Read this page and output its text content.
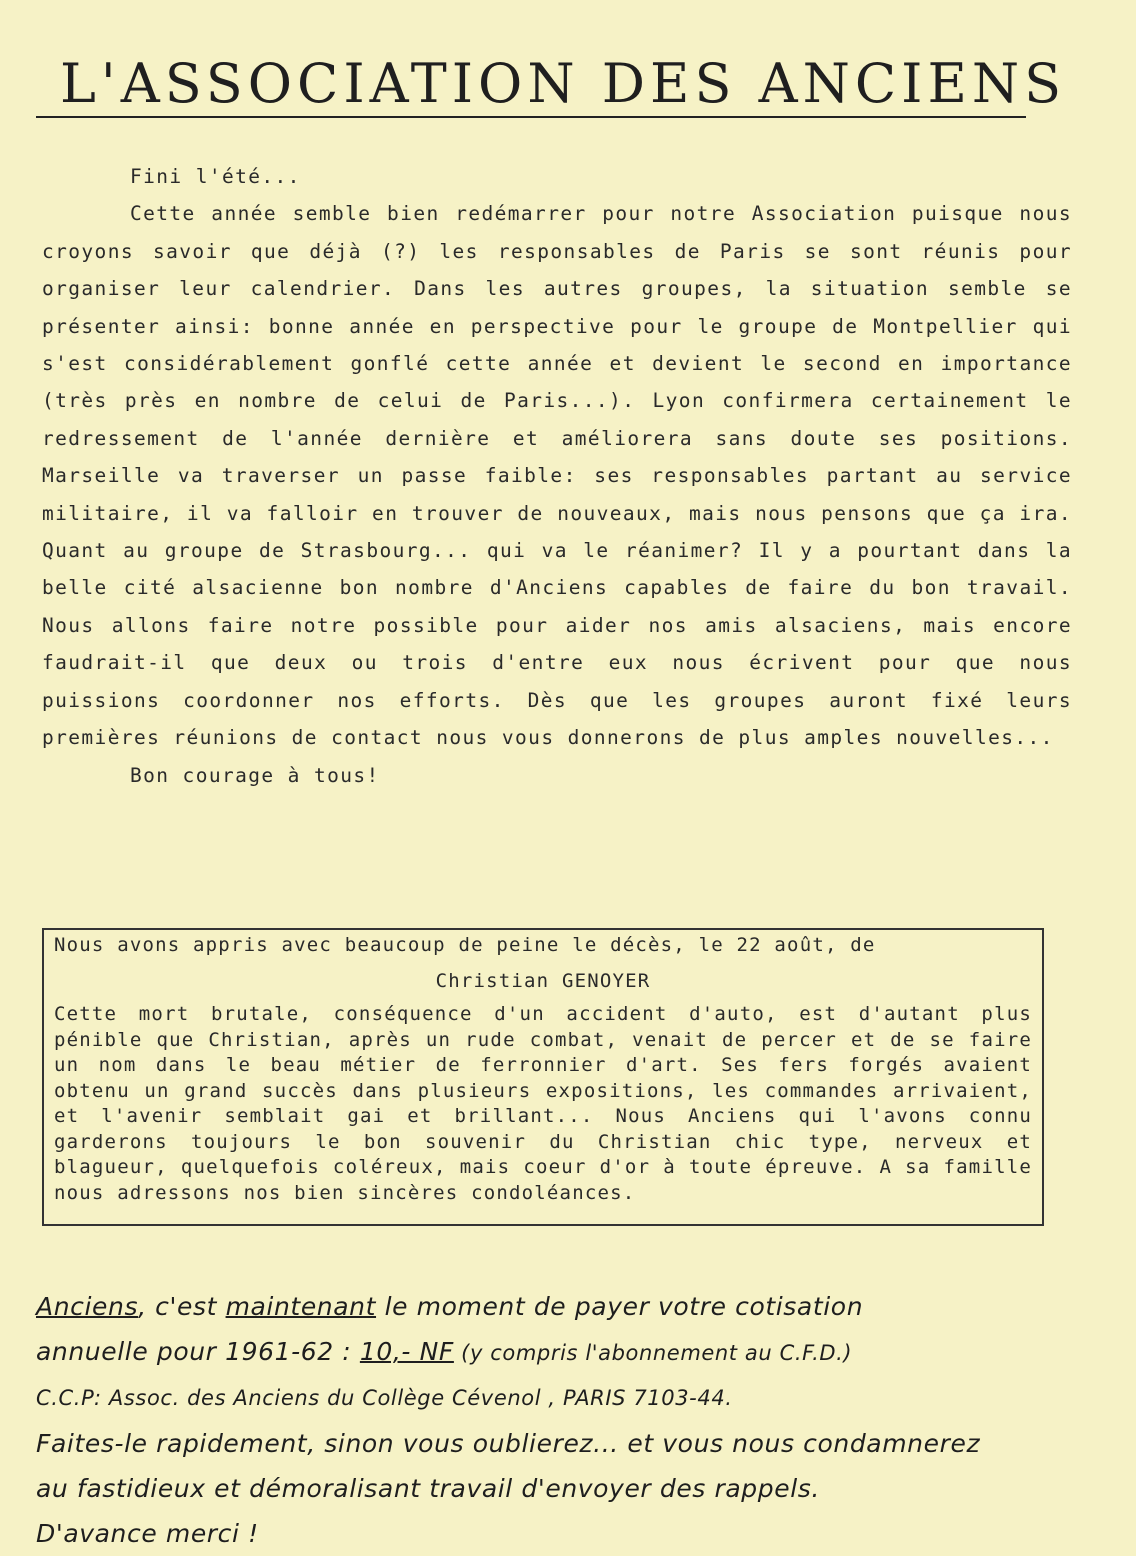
L'ASSOCIATION DES ANCIENS

Fini l'été...

Cette année semble bien redémarrer pour notre Association puisque nous croyons savoir que déjà (?) les responsables de Paris se sont réunis pour organiser leur calendrier. Dans les autres groupes, la situation semble se présenter ainsi: bonne année en perspective pour le groupe de Montpellier qui s'est considérablement gonflé cette année et devient le second en importance (très près en nombre de celui de Paris...). Lyon confirmera certainement le redressement de l'année dernière et améliorera sans doute ses positions. Marseille va traverser un passe faible: ses responsables partant au service militaire, il va falloir en trouver de nouveaux, mais nous pensons que ça ira. Quant au groupe de Strasbourg... qui va le réanimer? Il y a pourtant dans la belle cité alsacienne bon nombre d'Anciens capables de faire du bon travail. Nous allons faire notre possible pour aider nos amis alsaciens, mais encore faudrait-il que deux ou trois d'entre eux nous écrivent pour que nous puissions coordonner nos efforts. Dès que les groupes auront fixé leurs premières réunions de contact nous vous donnerons de plus amples nouvelles...

Bon courage à tous!

Nous avons appris avec beaucoup de peine le décès, le 22 août, de

Christian GENOYER

Cette mort brutale, conséquence d'un accident d'auto, est d'autant plus pénible que Christian, après un rude combat, venait de percer et de se faire un nom dans le beau métier de ferronnier d'art. Ses fers forgés avaient obtenu un grand succès dans plusieurs expositions, les commandes arrivaient, et l'avenir semblait gai et brillant... Nous Anciens qui l'avons connu garderons toujours le bon souvenir du Christian chic type, nerveux et blagueur, quelquefois coléreux, mais coeur d'or à toute épreuve. A sa famille nous adressons nos bien sincères condoléances.

Anciens, c'est maintenant le moment de payer votre cotisation
annuelle pour 1961-62 : 10,- NF (y compris l'abonnement au C.F.D.)
C.C.P: Assoc. des Anciens du Collège Cévenol , PARIS 7103-44.
Faites-le rapidement, sinon vous oublierez... et vous nous condamnerez
au fastidieux et démoralisant travail d'envoyer des rappels.
D'avance merci !
